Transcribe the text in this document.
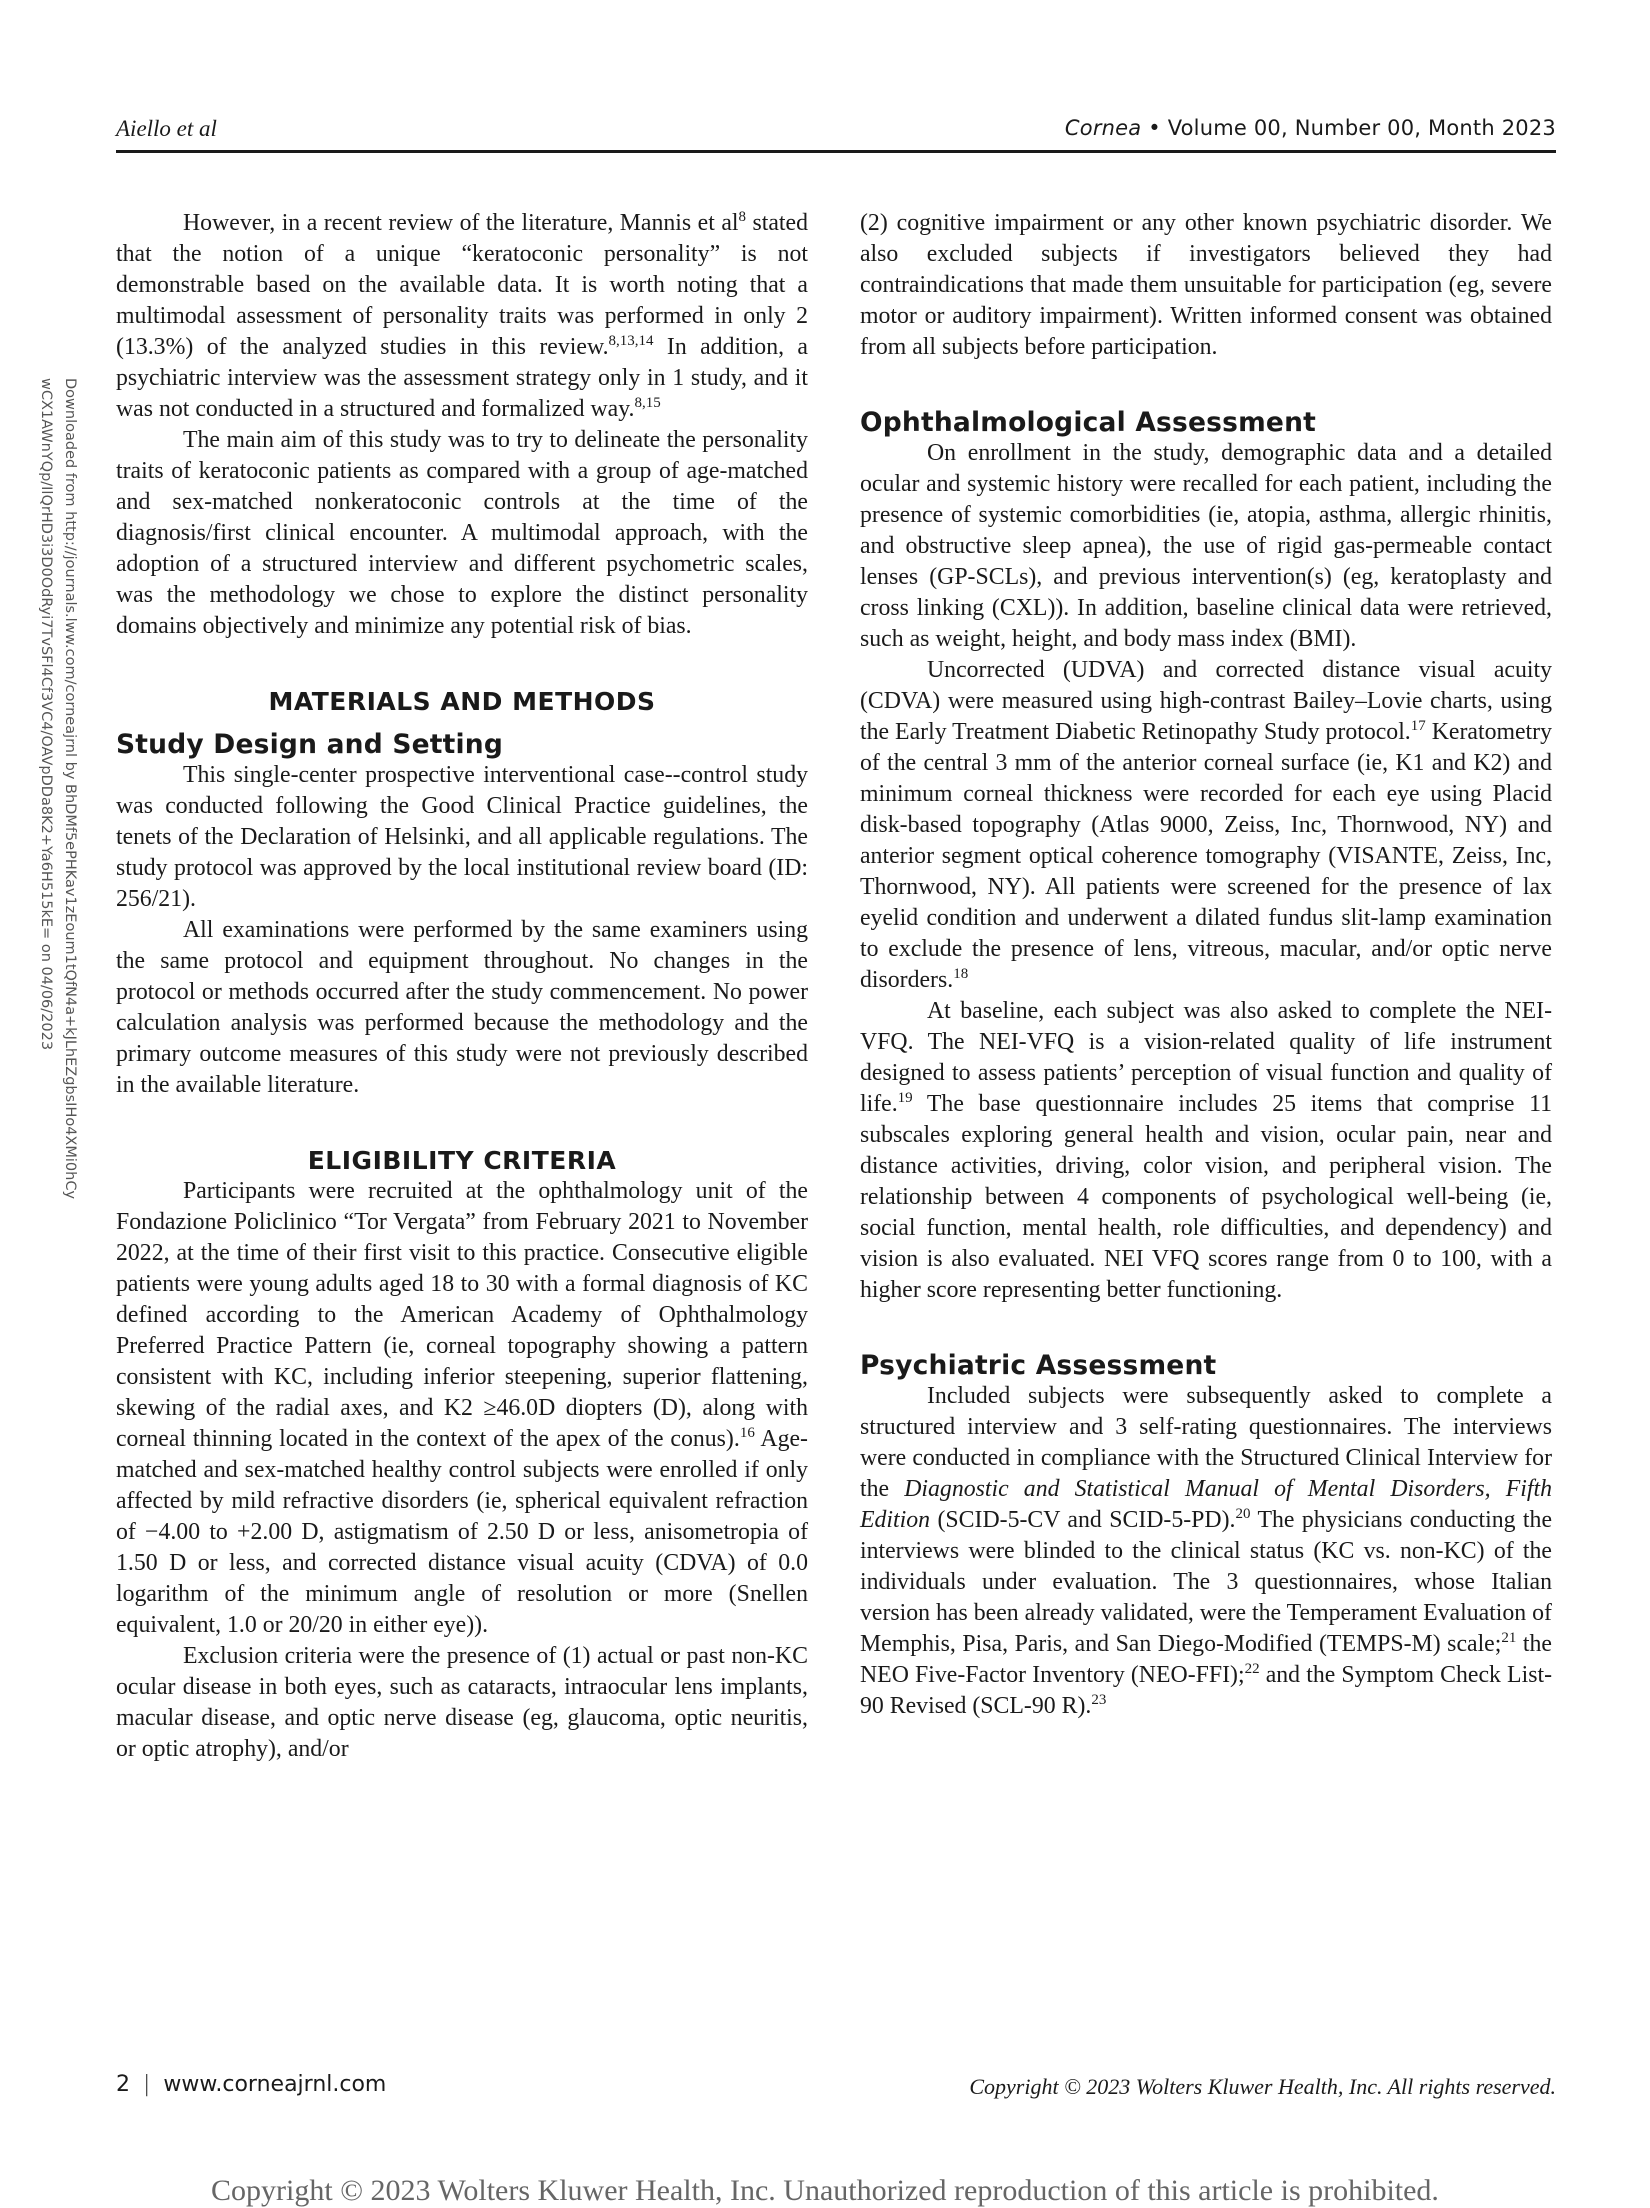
Aiello et al	Cornea • Volume 00, Number 00, Month 2023
Downloaded from http://journals.lww.com/corneajrnl by BhDMf5ePHKav1zEoum1tQfN4a+kJLhEZgbsIHo4XMi0hCy
wCX1AWnYQp/IlQrHD3i3D0OdRyi7TvSFl4Cf3VC4/OAVpDDa8K2+Ya6H515kE= on 04/06/2023

However, in a recent review of the literature, Mannis et $al^8$ stated that the notion of a unique “keratoconic personality” is not demonstrable based on the available data. It is worth noting that a multimodal assessment of personality traits was performed in only 2 (13.3%) of the analyzed studies in this review.$^{8,13,14}$ In addition, a psychiatric interview was the assessment strategy only in 1 study, and it was not conducted in a structured and formalized way.$^{8,15}$

The main aim of this study was to try to delineate the personality traits of keratoconic patients as compared with a group of age-matched and sex-matched nonkeratoconic controls at the time of the diagnosis/first clinical encounter. A multimodal approach, with the adoption of a structured interview and different psychometric scales, was the methodology we chose to explore the distinct personality domains objectively and minimize any potential risk of bias.

MATERIALS AND METHODS
Study Design and Setting

This single-center prospective interventional case--control study was conducted following the Good Clinical Practice guidelines, the tenets of the Declaration of Helsinki, and all applicable regulations. The study protocol was approved by the local institutional review board (ID: 256/21).

All examinations were performed by the same examiners using the same protocol and equipment throughout. No changes in the protocol or methods occurred after the study commencement. No power calculation analysis was performed because the methodology and the primary outcome measures of this study were not previously described in the available literature.

ELIGIBILITY CRITERIA

Participants were recruited at the ophthalmology unit of the Fondazione Policlinico “Tor Vergata” from February 2021 to November 2022, at the time of their first visit to this practice. Consecutive eligible patients were young adults aged 18 to 30 with a formal diagnosis of KC defined according to the American Academy of Ophthalmology Preferred Practice Pattern (ie, corneal topography showing a pattern consistent with KC, including inferior steepening, superior flattening, skewing of the radial axes, and K2 ≥46.0D diopters (D), along with corneal thinning located in the context of the apex of the conus).$^{16}$ Age-matched and sex-matched healthy control subjects were enrolled if only affected by mild refractive disorders (ie, spherical equivalent refraction of −4.00 to +2.00 D, astigmatism of 2.50 D or less, anisometropia of 1.50 D or less, and corrected distance visual acuity (CDVA) of 0.0 logarithm of the minimum angle of resolution or more (Snellen equivalent, 1.0 or 20/20 in either eye)).

Exclusion criteria were the presence of (1) actual or past non-KC ocular disease in both eyes, such as cataracts, intraocular lens implants, macular disease, and optic nerve disease (eg, glaucoma, optic neuritis, or optic atrophy), and/or

(2) cognitive impairment or any other known psychiatric disorder. We also excluded subjects if investigators believed they had contraindications that made them unsuitable for participation (eg, severe motor or auditory impairment). Written informed consent was obtained from all subjects before participation.

Ophthalmological Assessment

On enrollment in the study, demographic data and a detailed ocular and systemic history were recalled for each patient, including the presence of systemic comorbidities (ie, atopia, asthma, allergic rhinitis, and obstructive sleep apnea), the use of rigid gas-permeable contact lenses (GP-SCLs), and previous intervention(s) (eg, keratoplasty and cross linking (CXL)). In addition, baseline clinical data were retrieved, such as weight, height, and body mass index (BMI).

Uncorrected (UDVA) and corrected distance visual acuity (CDVA) were measured using high-contrast Bailey–Lovie charts, using the Early Treatment Diabetic Retinopathy Study protocol.$^{17}$ Keratometry of the central 3 mm of the anterior corneal surface (ie, K1 and K2) and minimum corneal thickness were recorded for each eye using Placid disk-based topography (Atlas 9000, Zeiss, Inc, Thornwood, NY) and anterior segment optical coherence tomography (VISANTE, Zeiss, Inc, Thornwood, NY). All patients were screened for the presence of lax eyelid condition and underwent a dilated fundus slit-lamp examination to exclude the presence of lens, vitreous, macular, and/or optic nerve disorders.$^{18}$

At baseline, each subject was also asked to complete the NEI-VFQ. The NEI-VFQ is a vision-related quality of life instrument designed to assess patients’ perception of visual function and quality of life.$^{19}$ The base questionnaire includes 25 items that comprise 11 subscales exploring general health and vision, ocular pain, near and distance activities, driving, color vision, and peripheral vision. The relationship between 4 components of psychological well-being (ie, social function, mental health, role difficulties, and dependency) and vision is also evaluated. NEI VFQ scores range from 0 to 100, with a higher score representing better functioning.

Psychiatric Assessment

Included subjects were subsequently asked to complete a structured interview and 3 self-rating questionnaires. The interviews were conducted in compliance with the Structured Clinical Interview for the Diagnostic and Statistical Manual of Mental Disorders, Fifth Edition (SCID-5-CV and SCID-5-PD).$^{20}$ The physicians conducting the interviews were blinded to the clinical status (KC vs. non-KC) of the individuals under evaluation. The 3 questionnaires, whose Italian version has been already validated, were the Temperament Evaluation of Memphis, Pisa, Paris, and San Diego-Modified (TEMPS-M) scale;$^{21}$ the NEO Five-Factor Inventory (NEO-FFI);$^{22}$ and the Symptom Check List-90 Revised (SCL-90 R).$^{23}$

2 | www.corneajrnl.com	Copyright © 2023 Wolters Kluwer Health, Inc. All rights reserved.
Copyright © 2023 Wolters Kluwer Health, Inc. Unauthorized reproduction of this article is prohibited.
